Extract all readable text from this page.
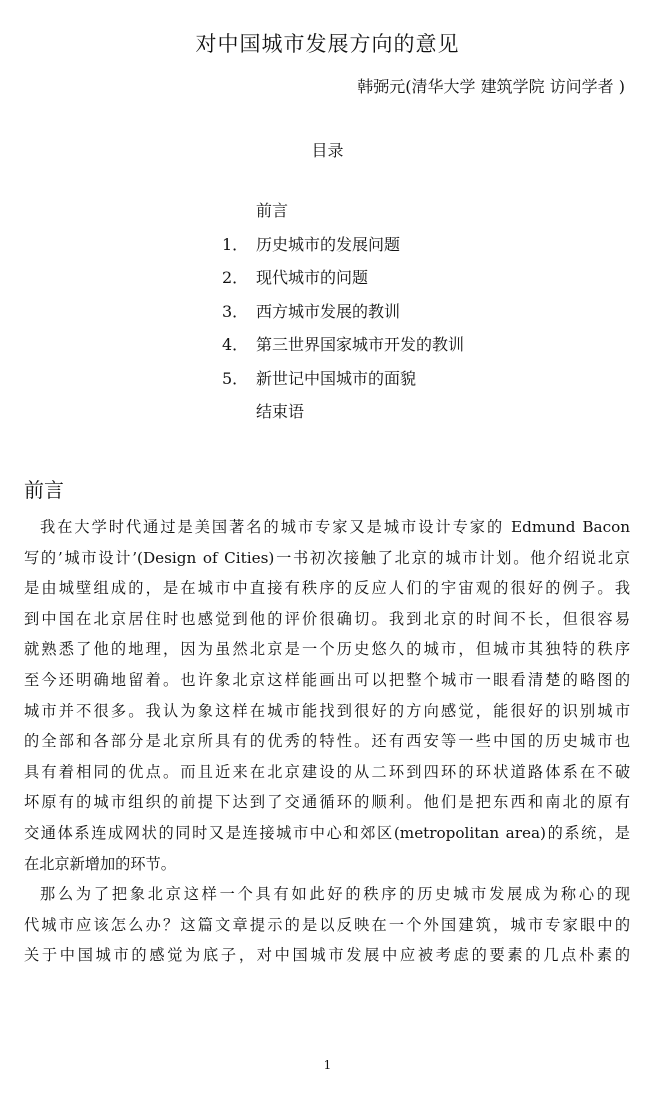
对中国城市发展方向的意见
韩弼元(清华大学 建筑学院 访问学者 )
目录
前言
1． 历史城市的发展问题
2． 现代城市的问题
3． 西方城市发展的教训
4． 第三世界国家城市开发的教训
5． 新世记中国城市的面貌
结束语
前言
我在大学时代通过是美国著名的城市专家又是城市设计专家的 Edmund Bacon
写的’城市设计’(Design of Cities)一书初次接触了北京的城市计划。他介绍说北京
是由城壁组成的，是在城市中直接有秩序的反应人们的宇宙观的很好的例子。我
到中国在北京居住时也感觉到他的评价很确切。我到北京的时间不长，但很容易
就熟悉了他的地理，因为虽然北京是一个历史悠久的城市，但城市其独特的秩序
至今还明确地留着。也许象北京这样能画出可以把整个城市一眼看清楚的略图的
城市并不很多。我认为象这样在城市能找到很好的方向感觉，能很好的识别城市
的全部和各部分是北京所具有的优秀的特性。还有西安等一些中国的历史城市也
具有着相同的优点。而且近来在北京建设的从二环到四环的环状道路体系在不破
坏原有的城市组织的前提下达到了交通循环的顺利。他们是把东西和南北的原有
交通体系连成网状的同时又是连接城市中心和郊区(metropolitan area)的系统，是
在北京新增加的环节。
那么为了把象北京这样一个具有如此好的秩序的历史城市发展成为称心的现
代城市应该怎么办？这篇文章提示的是以反映在一个外国建筑，城市专家眼中的
关于中国城市的感觉为底子，对中国城市发展中应被考虑的要素的几点朴素的
1
